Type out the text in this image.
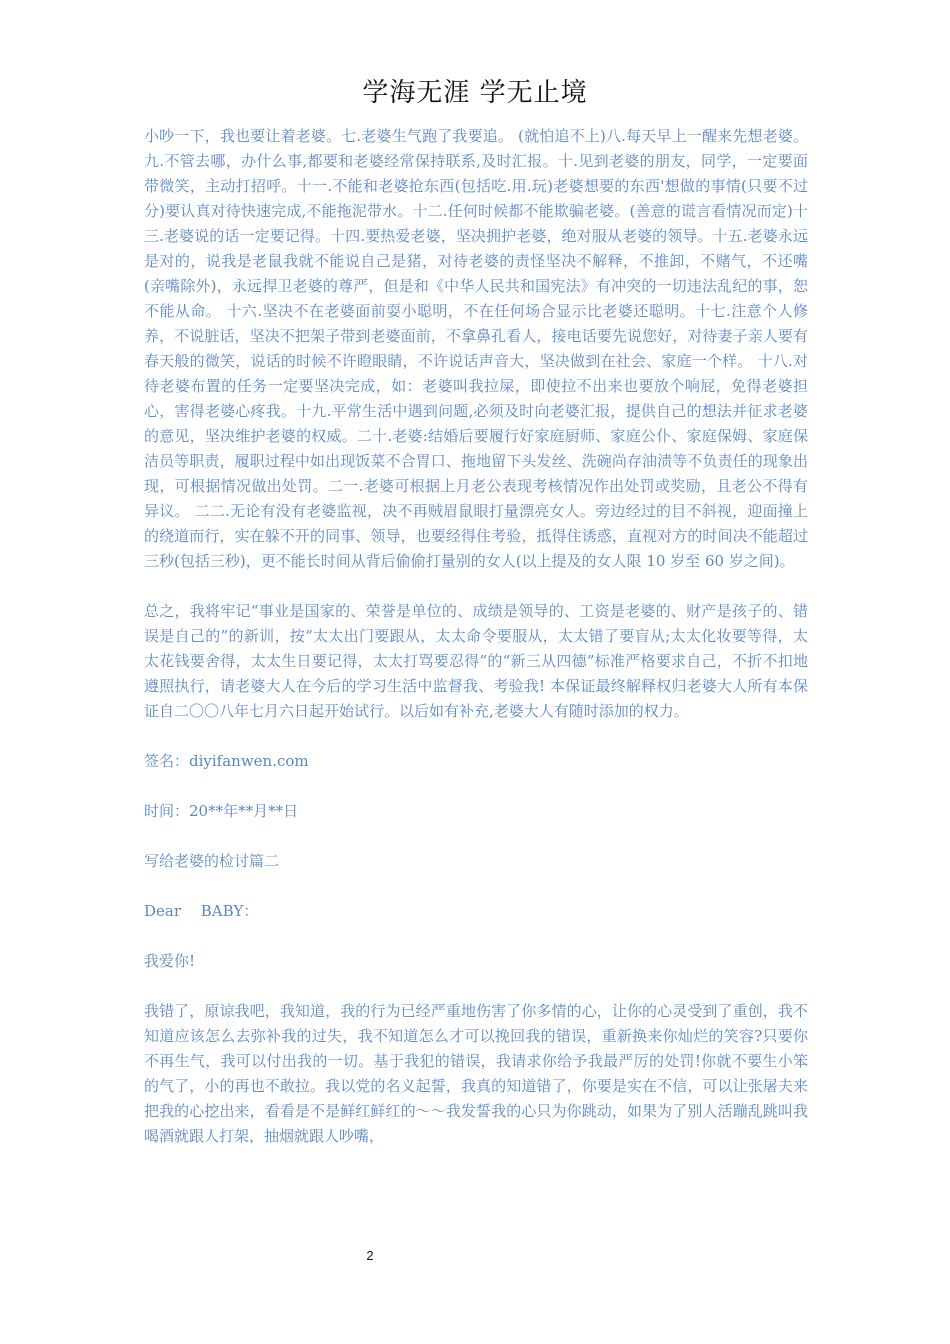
学海无涯 学无止境

小吵一下，我也要让着老婆。七.老婆生气跑了我要追。 (就怕追不上)八.每天早上一醒来先想老婆。九.不管去哪，办什么事,都要和老婆经常保持联系,及时汇报。十.见到老婆的朋友，同学，一定要面带微笑，主动打招呼。十一.不能和老婆抢东西(包括吃.用.玩)老婆想要的东西'想做的事情(只要不过分)要认真对待快速完成,不能拖泥带水。十二.任何时候都不能欺骗老婆。(善意的谎言看情况而定)十三.老婆说的话一定要记得。十四.要热爱老婆，坚决拥护老婆，绝对服从老婆的领导。十五.老婆永远是对的，说我是老鼠我就不能说自己是猪，对待老婆的责怪坚决不解释，不推卸，不赌气，不还嘴(亲嘴除外)，永远捍卫老婆的尊严，但是和《中华人民共和国宪法》有冲突的一切违法乱纪的事，恕不能从命。 十六.坚决不在老婆面前耍小聪明，不在任何场合显示比老婆还聪明。十七.注意个人修养，不说脏话，坚决不把架子带到老婆面前，不拿鼻孔看人，接电话要先说您好，对待妻子亲人要有春天般的微笑，说话的时候不许瞪眼睛，不许说话声音大，坚决做到在社会、家庭一个样。 十八.对待老婆布置的任务一定要坚决完成，如：老婆叫我拉屎，即使拉不出来也要放个响屁，免得老婆担心，害得老婆心疼我。十九.平常生活中遇到问题,必须及时向老婆汇报，提供自己的想法并征求老婆的意见，坚决维护老婆的权威。二十.老婆:结婚后要履行好家庭厨师、家庭公仆、家庭保姆、家庭保洁员等职责，履职过程中如出现饭菜不合胃口、拖地留下头发丝、洗碗尚存油渍等不负责任的现象出现，可根据情况做出处罚。二一.老婆可根据上月老公表现考核情况作出处罚或奖励，且老公不得有异议。 二二.无论有没有老婆监视，决不再贼眉鼠眼打量漂亮女人。旁边经过的目不斜视，迎面撞上的绕道而行，实在躲不开的同事、领导，也要经得住考验，抵得住诱惑，直视对方的时间决不能超过三秒(包括三秒)，更不能长时间从背后偷偷打量别的女人(以上提及的女人限 10 岁至 60 岁之间)。

总之，我将牢记“事业是国家的、荣誉是单位的、成绩是领导的、工资是老婆的、财产是孩子的、错误是自己的”的新训，按“太太出门要跟从，太太命令要服从，太太错了要盲从;太太化妆要等得，太太花钱要舍得，太太生日要记得，太太打骂要忍得”的“新三从四德”标准严格要求自己，不折不扣地遵照执行，请老婆大人在今后的学习生活中监督我、考验我! 本保证最终解释权归老婆大人所有本保证自二〇〇八年七月六日起开始试行。以后如有补充,老婆大人有随时添加的权力。

签名：diyifanwen.com

时间：20**年**月**日

写给老婆的检讨篇二

Dear　 BABY：

我爱你!

我错了，原谅我吧，我知道，我的行为已经严重地伤害了你多情的心，让你的心灵受到了重创，我不知道应该怎么去弥补我的过失，我不知道怎么才可以挽回我的错误，重新换来你灿烂的笑容?只要你不再生气，我可以付出我的一切。基于我犯的错误，我请求你给予我最严厉的处罚!你就不要生小笨的气了，小的再也不敢拉。我以党的名义起誓，我真的知道错了，你要是实在不信，可以让张屠夫来把我的心挖出来，看看是不是鲜红鲜红的～～我发誓我的心只为你跳动，如果为了别人活蹦乱跳叫我喝酒就跟人打架，抽烟就跟人吵嘴，

2
